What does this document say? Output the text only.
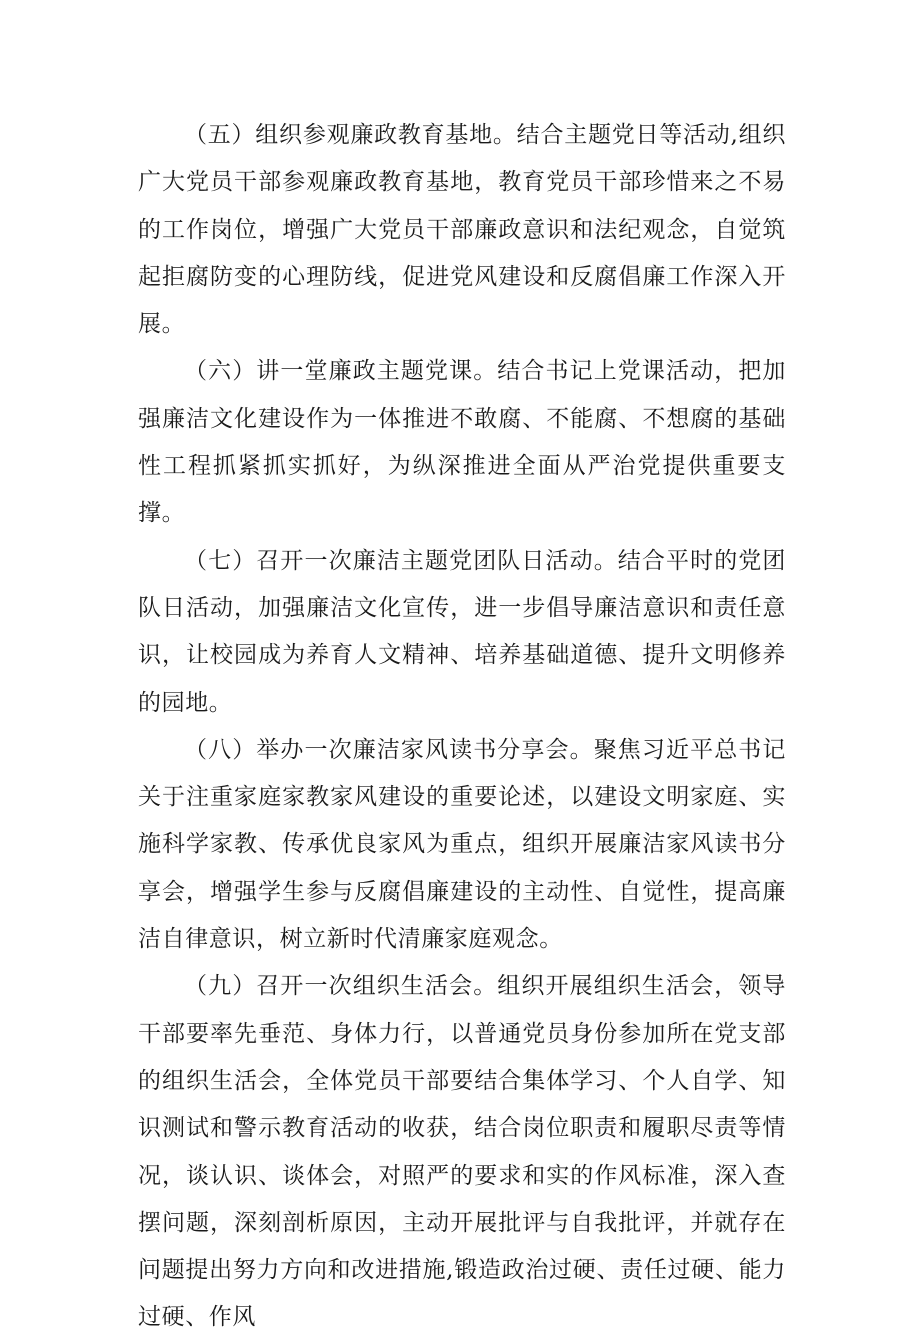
（五）组织参观廉政教育基地。结合主题党日等活动,组织广大党员干部参观廉政教育基地，教育党员干部珍惜来之不易的工作岗位，增强广大党员干部廉政意识和法纪观念，自觉筑起拒腐防变的心理防线，促进党风建设和反腐倡廉工作深入开展。

（六）讲一堂廉政主题党课。结合书记上党课活动，把加强廉洁文化建设作为一体推进不敢腐、不能腐、不想腐的基础性工程抓紧抓实抓好，为纵深推进全面从严治党提供重要支撑。

（七）召开一次廉洁主题党团队日活动。结合平时的党团队日活动，加强廉洁文化宣传，进一步倡导廉洁意识和责任意识，让校园成为养育人文精神、培养基础道德、提升文明修养的园地。

（八）举办一次廉洁家风读书分享会。聚焦习近平总书记关于注重家庭家教家风建设的重要论述，以建设文明家庭、实施科学家教、传承优良家风为重点，组织开展廉洁家风读书分享会，增强学生参与反腐倡廉建设的主动性、自觉性，提高廉洁自律意识，树立新时代清廉家庭观念。

（九）召开一次组织生活会。组织开展组织生活会，领导干部要率先垂范、身体力行，以普通党员身份参加所在党支部的组织生活会，全体党员干部要结合集体学习、个人自学、知识测试和警示教育活动的收获，结合岗位职责和履职尽责等情况，谈认识、谈体会，对照严的要求和实的作风标准，深入查摆问题，深刻剖析原因，主动开展批评与自我批评，并就存在问题提出努力方向和改进措施,锻造政治过硬、责任过硬、能力过硬、作风
